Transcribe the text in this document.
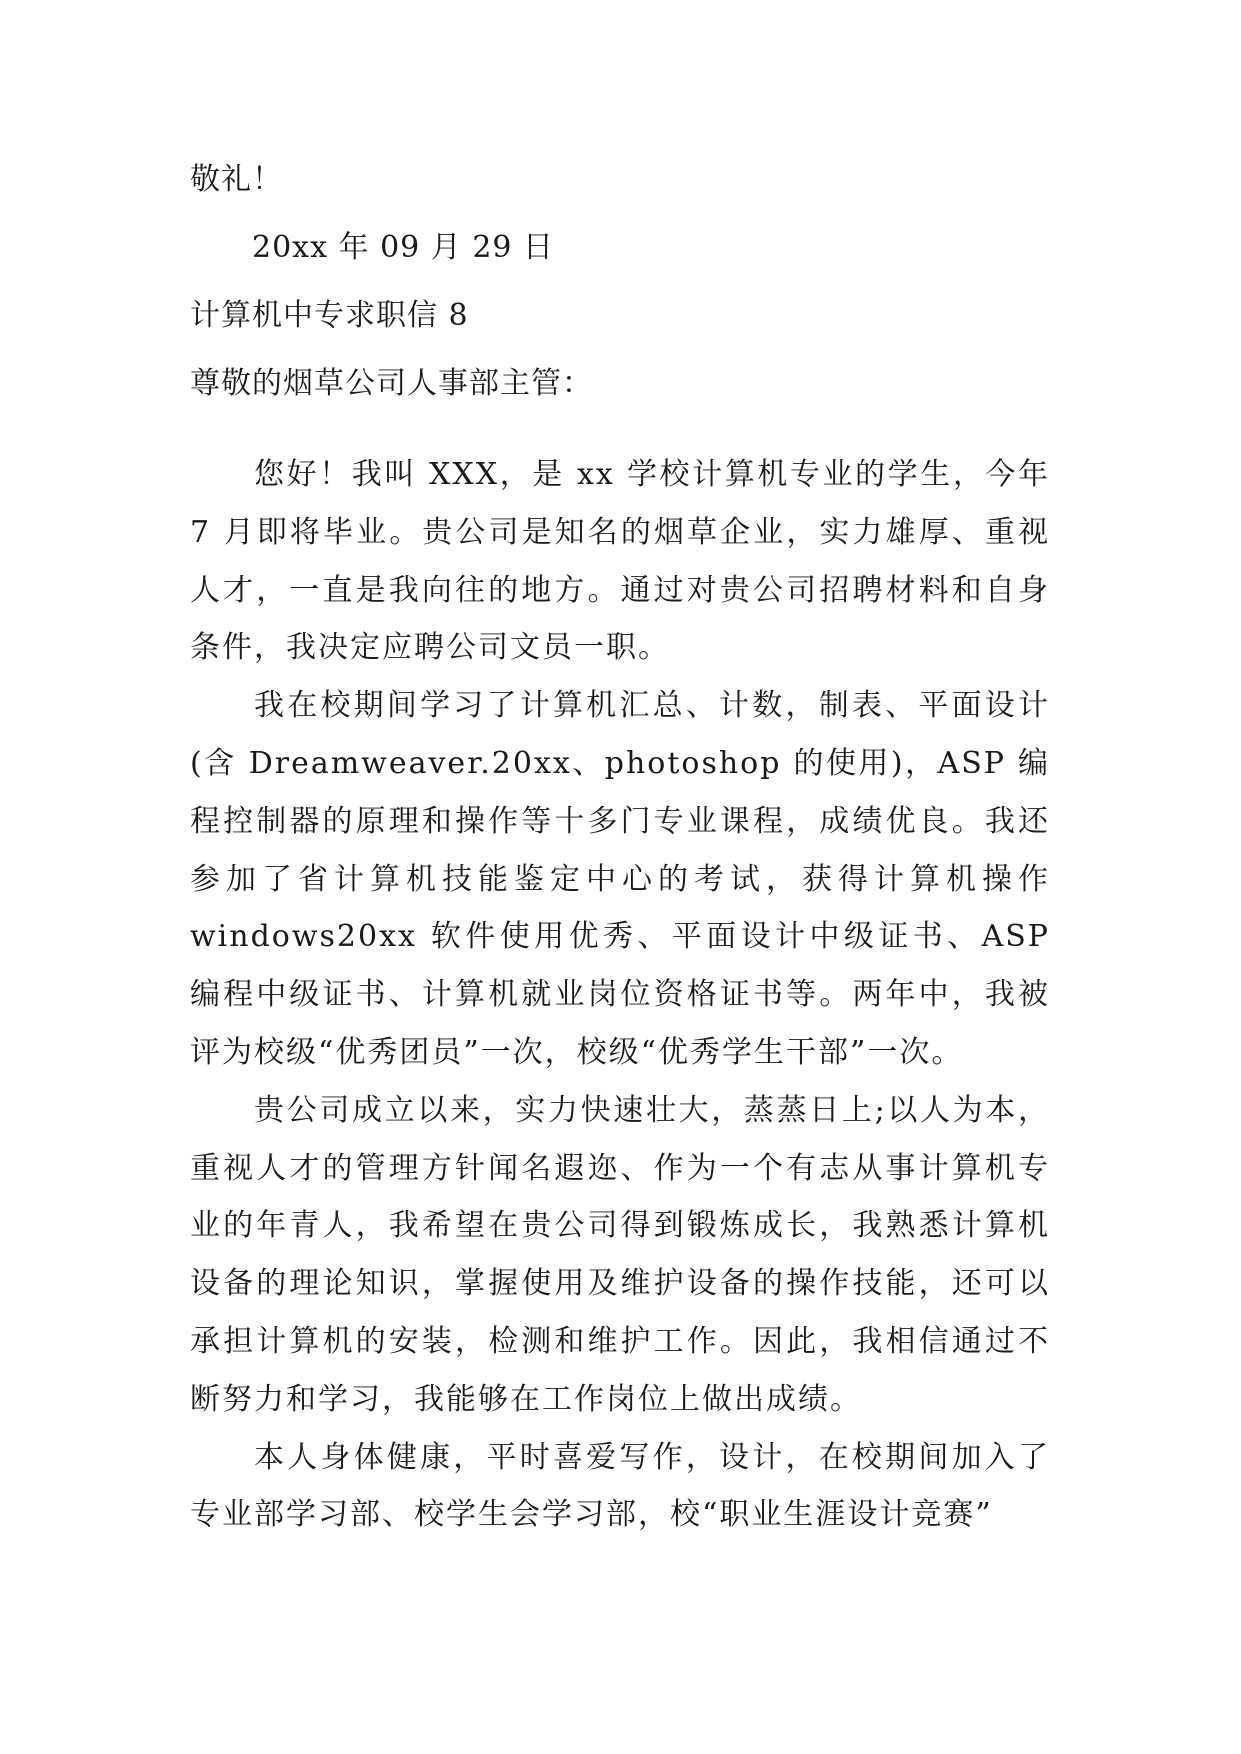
敬礼！
20xx 年 09 月 29 日
计算机中专求职信 8
尊敬的烟草公司人事部主管：

您好！我叫 XXX，是 xx 学校计算机专业的学生，今年 7 月即将毕业。贵公司是知名的烟草企业，实力雄厚、重视人才，一直是我向往的地方。通过对贵公司招聘材料和自身条件，我决定应聘公司文员一职。

我在校期间学习了计算机汇总、计数，制表、平面设计(含 Dreamweaver.20xx、photoshop 的使用)，ASP 编程控制器的原理和操作等十多门专业课程，成绩优良。我还参加了省计算机技能鉴定中心的考试，获得计算机操作 windows20xx 软件使用优秀、平面设计中级证书、ASP 编程中级证书、计算机就业岗位资格证书等。两年中，我被评为校级“优秀团员”一次，校级“优秀学生干部”一次。

贵公司成立以来，实力快速壮大，蒸蒸日上;以人为本，重视人才的管理方针闻名遐迩、作为一个有志从事计算机专业的年青人，我希望在贵公司得到锻炼成长，我熟悉计算机设备的理论知识，掌握使用及维护设备的操作技能，还可以承担计算机的安装，检测和维护工作。因此，我相信通过不断努力和学习，我能够在工作岗位上做出成绩。

本人身体健康，平时喜爱写作，设计，在校期间加入了专业部学习部、校学生会学习部，校“职业生涯设计竞赛”
